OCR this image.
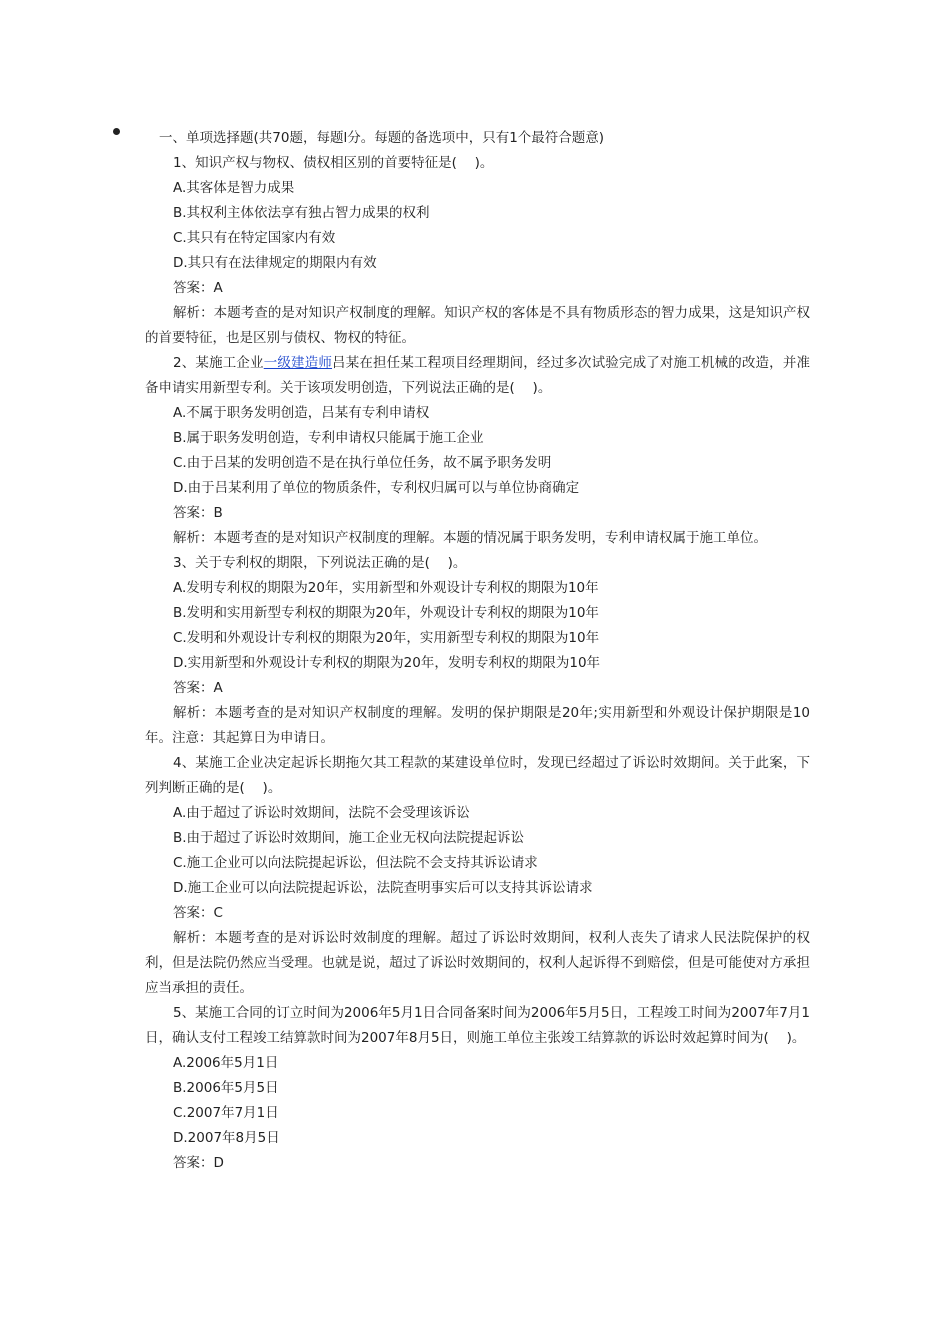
一、单项选择题(共70题，每题l分。每题的备选项中，只有1个最符合题意)
1、知识产权与物权、债权相区别的首要特征是(　 )。
A.其客体是智力成果
B.其权利主体依法享有独占智力成果的权利
C.其只有在特定国家内有效
D.其只有在法律规定的期限内有效
答案：A
解析：本题考查的是对知识产权制度的理解。知识产权的客体是不具有物质形态的智力成果，这是知识产权的首要特征，也是区别与债权、物权的特征。
2、某施工企业一级建造师吕某在担任某工程项目经理期间，经过多次试验完成了对施工机械的改造，并准备申请实用新型专利。关于该项发明创造，下列说法正确的是(　 )。
A.不属于职务发明创造，吕某有专利申请权
B.属于职务发明创造，专利申请权只能属于施工企业
C.由于吕某的发明创造不是在执行单位任务，故不属予职务发明
D.由于吕某利用了单位的物质条件，专利权归属可以与单位协商确定
答案：B
解析：本题考查的是对知识产权制度的理解。本题的情况属于职务发明，专利申请权属于施工单位。
3、关于专利权的期限，下列说法正确的是(　 )。
A.发明专利权的期限为20年，实用新型和外观设计专利权的期限为10年
B.发明和实用新型专利权的期限为20年，外观设计专利权的期限为10年
C.发明和外观设计专利权的期限为20年，实用新型专利权的期限为10年
D.实用新型和外观设计专利权的期限为20年，发明专利权的期限为10年
答案：A
解析：本题考查的是对知识产权制度的理解。发明的保护期限是20年;实用新型和外观设计保护期限是10年。注意：其起算日为申请日。
4、某施工企业决定起诉长期拖欠其工程款的某建设单位时，发现已经超过了诉讼时效期间。关于此案，下列判断正确的是(　 )。
A.由于超过了诉讼时效期间，法院不会受理该诉讼
B.由于超过了诉讼时效期间，施工企业无权向法院提起诉讼
C.施工企业可以向法院提起诉讼，但法院不会支持其诉讼请求
D.施工企业可以向法院提起诉讼，法院查明事实后可以支持其诉讼请求
答案：C
解析：本题考查的是对诉讼时效制度的理解。超过了诉讼时效期间，权利人丧失了请求人民法院保护的权利，但是法院仍然应当受理。也就是说，超过了诉讼时效期间的，权利人起诉得不到赔偿，但是可能使对方承担应当承担的责任。
5、某施工合同的订立时间为2006年5月1日合同备案时间为2006年5月5日，工程竣工时间为2007年7月1日，确认支付工程竣工结算款时间为2007年8月5日，则施工单位主张竣工结算款的诉讼时效起算时间为(　 )。
A.2006年5月1日
B.2006年5月5日
C.2007年7月1日
D.2007年8月5日
答案：D
